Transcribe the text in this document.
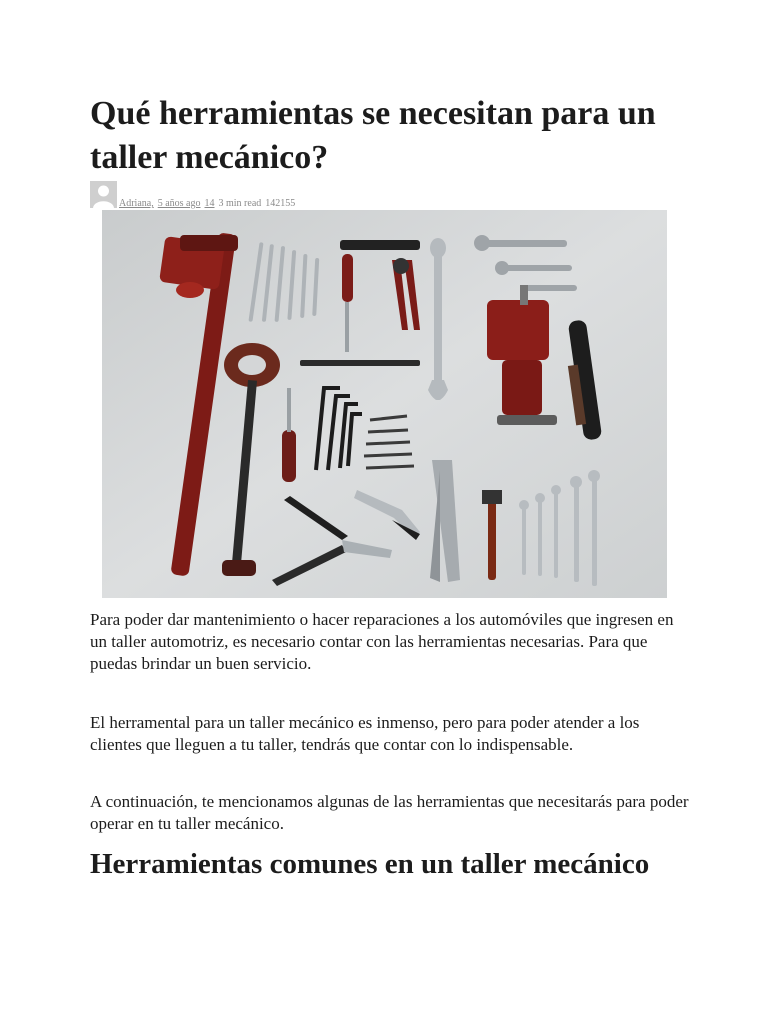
Qué herramientas se necesitan para un taller mecánico?
Adriana, 5 años ago 14 3 min read 142155

Para poder dar mantenimiento o hacer reparaciones a los automóviles que ingresen en un taller automotriz, es necesario contar con las herramientas necesarias. Para que puedas brindar un buen servicio.

El herramental para un taller mecánico es inmenso, pero para poder atender a los clientes que lleguen a tu taller, tendrás que contar con lo indispensable.

A continuación, te mencionamos algunas de las herramientas que necesitarás para poder operar en tu taller mecánico.

Herramientas comunes en un taller mecánico
